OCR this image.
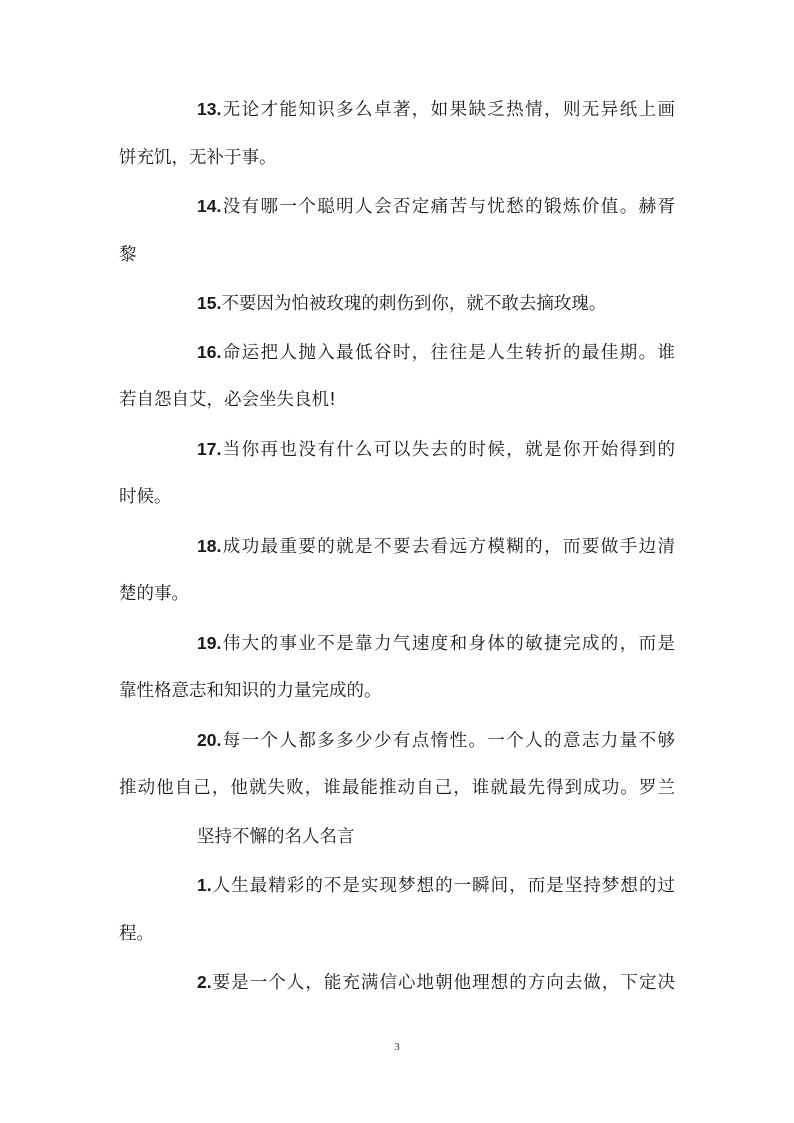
13.无论才能知识多么卓著，如果缺乏热情，则无异纸上画
饼充饥，无补于事。
14.没有哪一个聪明人会否定痛苦与忧愁的锻炼价值。赫胥
黎
15.不要因为怕被玫瑰的刺伤到你，就不敢去摘玫瑰。
16.命运把人抛入最低谷时，往往是人生转折的最佳期。谁
若自怨自艾，必会坐失良机!
17.当你再也没有什么可以失去的时候，就是你开始得到的
时候。
18.成功最重要的就是不要去看远方模糊的，而要做手边清
楚的事。
19.伟大的事业不是靠力气速度和身体的敏捷完成的，而是
靠性格意志和知识的力量完成的。
20.每一个人都多多少少有点惰性。一个人的意志力量不够
推动他自己，他就失败，谁最能推动自己，谁就最先得到成功。罗兰
坚持不懈的名人名言
1.人生最精彩的不是实现梦想的一瞬间，而是坚持梦想的过
程。
2.要是一个人，能充满信心地朝他理想的方向去做，下定决
3
